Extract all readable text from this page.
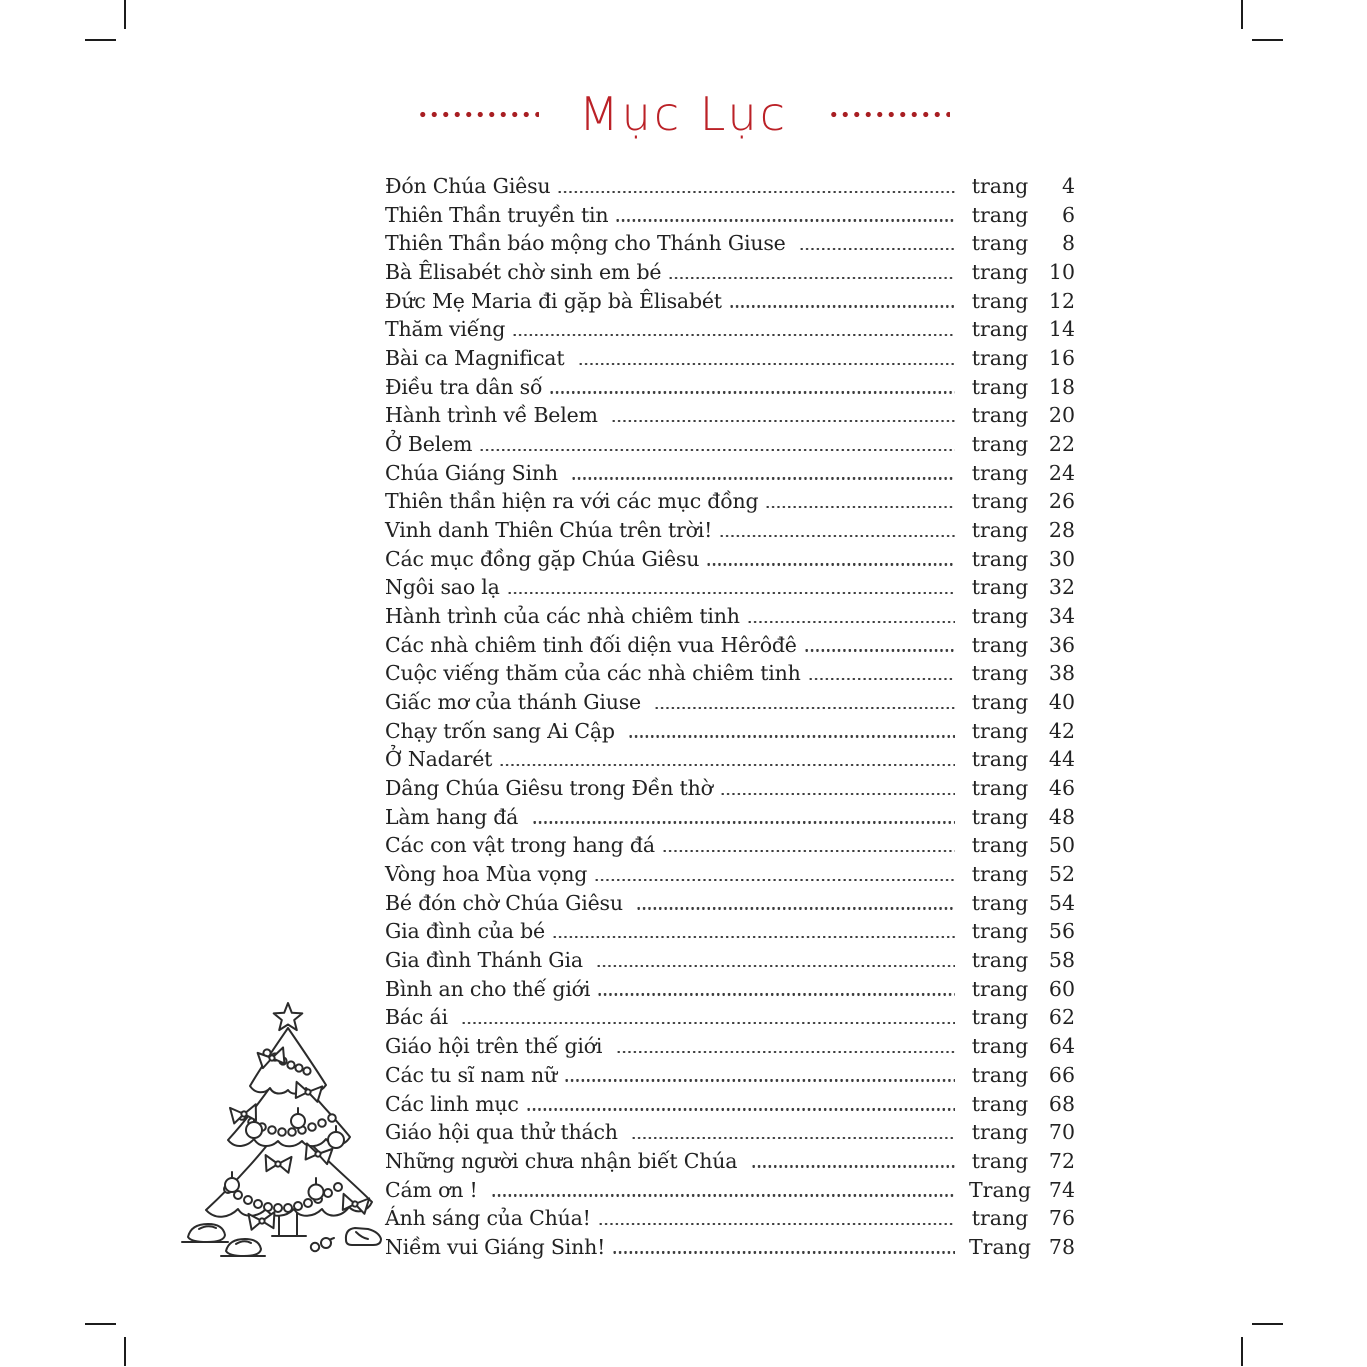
Mục Lục
Đón Chúa Giêsu	trang	4
Thiên Thần truyền tin	trang	6
Thiên Thần báo mộng cho Thánh Giuse	trang	8
Bà Êlisabét chờ sinh em bé	trang	10
Đức Mẹ Maria đi gặp bà Êlisabét	trang	12
Thăm viếng	trang	14
Bài ca Magnificat	trang	16
Điều tra dân số	trang	18
Hành trình về Belem	trang	20
Ở Belem	trang	22
Chúa Giáng Sinh	trang	24
Thiên thần hiện ra với các mục đồng	trang	26
Vinh danh Thiên Chúa trên trời!	trang	28
Các mục đồng gặp Chúa Giêsu	trang	30
Ngôi sao lạ	trang	32
Hành trình của các nhà chiêm tinh	trang	34
Các nhà chiêm tinh đối diện vua Hêrôđê	trang	36
Cuộc viếng thăm của các nhà chiêm tinh	trang	38
Giấc mơ của thánh Giuse	trang	40
Chạy trốn sang Ai Cập	trang	42
Ở Nadarét	trang	44
Dâng Chúa Giêsu trong Đền thờ	trang	46
Làm hang đá	trang	48
Các con vật trong hang đá	trang	50
Vòng hoa Mùa vọng	trang	52
Bé đón chờ Chúa Giêsu	trang	54
Gia đình của bé	trang	56
Gia đình Thánh Gia	trang	58
Bình an cho thế giới	trang	60
Bác ái	trang	62
Giáo hội trên thế giới	trang	64
Các tu sĩ nam nữ	trang	66
Các linh mục	trang	68
Giáo hội qua thử thách	trang	70
Những người chưa nhận biết Chúa	trang	72
Cám ơn !	Trang 74
Ánh sáng của Chúa!	trang	76
Niềm vui Giáng Sinh!	Trang 78
